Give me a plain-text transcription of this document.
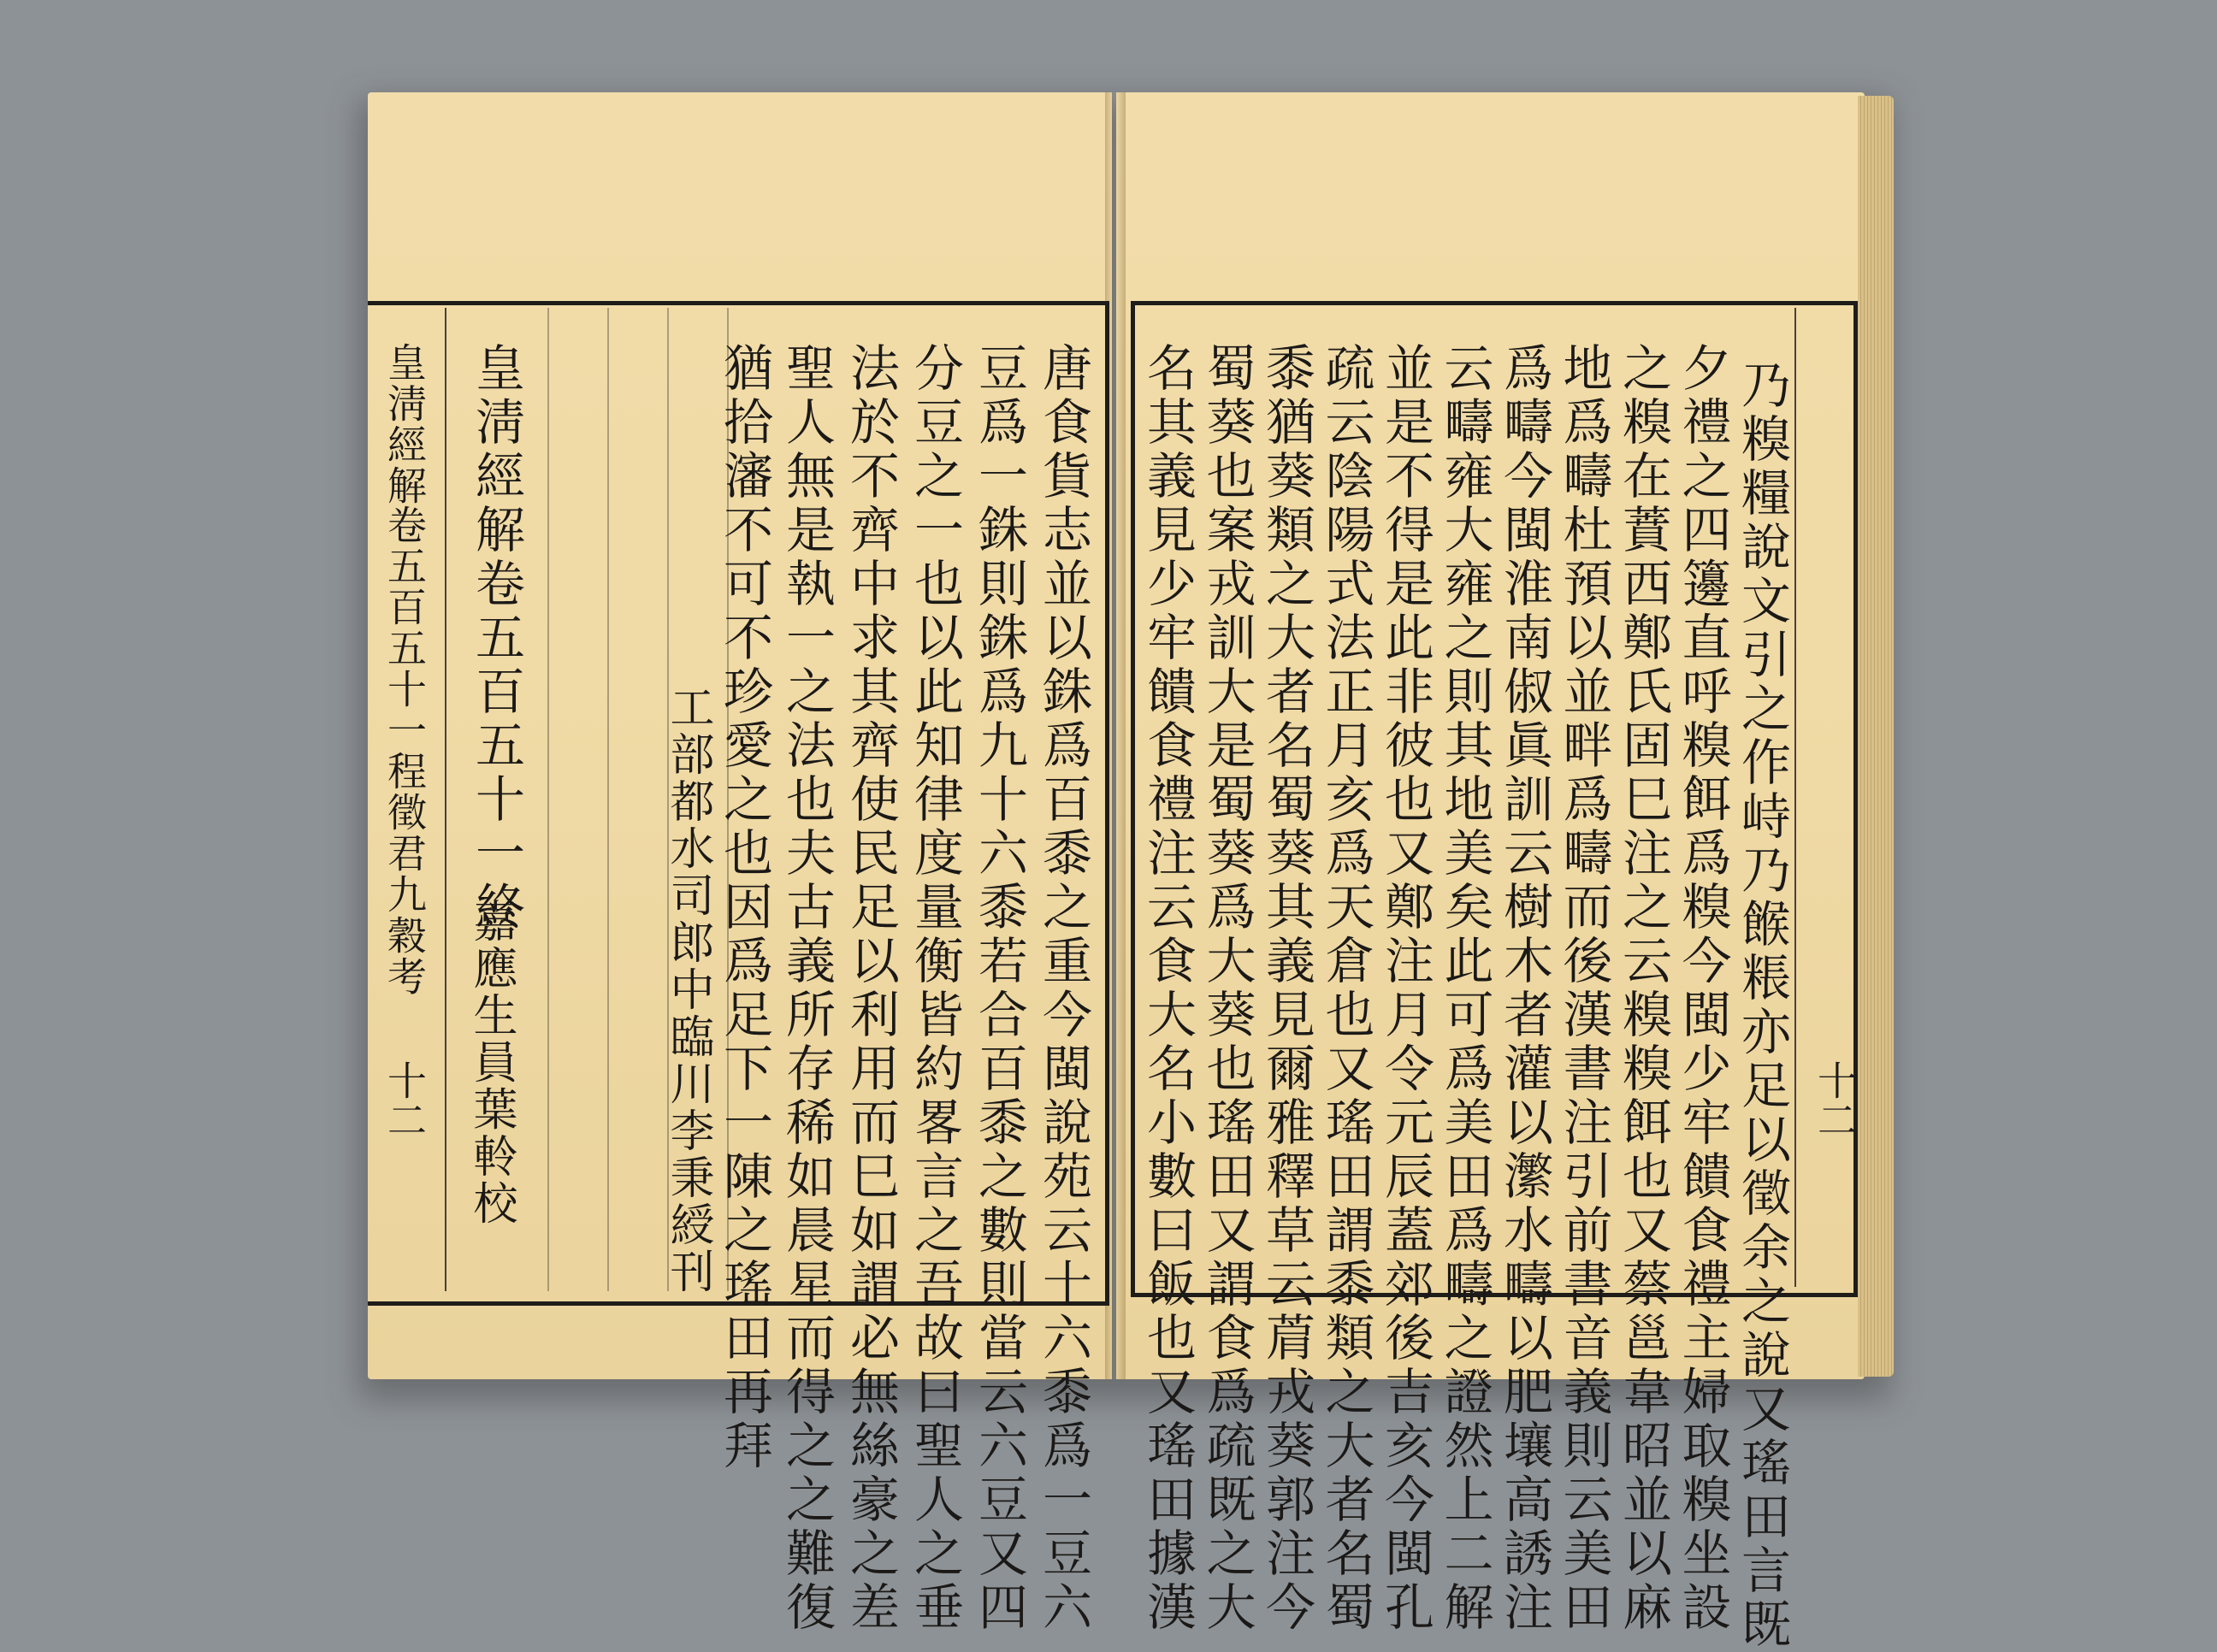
乃糗糧說文引之作峙乃餱粻亦足以徵余之說又瑤田言既
夕禮之四籩直呼糗餌爲糗今閩少牢饋食禮主婦取糗坐設
之糗在蕡西鄭氏固巳注之云糗糗餌也又蔡邕韋昭並以麻
地爲疇杜預以並畔爲疇而後漢書注引前書音義則云美田
爲疇今閩淮南俶眞訓云樹木者灌以瀿水疇以肥壤高誘注
云疇雍大雍之則其地美矣此可爲美田爲疇之證然上二解
並是不得是此非彼也又鄭注月令元辰蓋郊後吉亥今閩孔
疏云陰陽式法正月亥爲天倉也又瑤田謂黍類之大者名蜀
黍猶葵類之大者名蜀葵其義見爾雅釋草云菺戎葵郭注今
蜀葵也案戎訓大是蜀葵爲大葵也瑤田又謂食爲疏既之大
名其義見少牢饋食禮注云食大名小數曰飯也又瑤田據漢	十二
唐食貨志並以銖爲百黍之重今閩說苑云十六黍爲一豆六
豆爲一銖則銖爲九十六黍若合百黍之數則當云六豆又四
分豆之一也以此知律度量衡皆約畧言之吾故曰聖人之垂
法於不齊中求其齊使民足以利用而巳如謂必無絲豪之差
聖人無是執一之法也夫古義所存稀如晨星而得之之難復
猶拾瀋不可不珍愛之也因爲足下一陳之瑤田再拜
工部都水司郎中臨川李秉綬刊
皇淸經解卷五百五十一終
嘉應生員葉軨校
皇淸經解
卷五百五十一程徵君九穀考
十二
